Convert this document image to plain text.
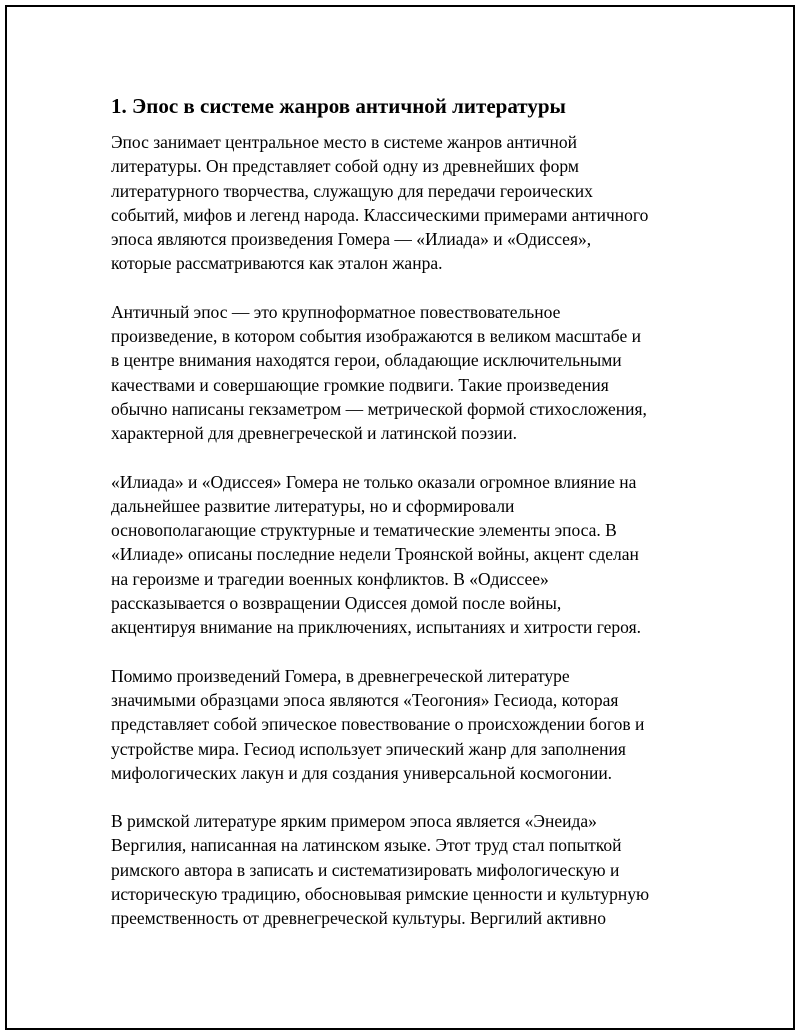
1. Эпос в системе жанров античной литературы

Эпос занимает центральное место в системе жанров античной
литературы. Он представляет собой одну из древнейших форм
литературного творчества, служащую для передачи героических
событий, мифов и легенд народа. Классическими примерами античного
эпоса являются произведения Гомера — «Илиада» и «Одиссея»,
которые рассматриваются как эталон жанра.

Античный эпос — это крупноформатное повествовательное
произведение, в котором события изображаются в великом масштабе и
в центре внимания находятся герои, обладающие исключительными
качествами и совершающие громкие подвиги. Такие произведения
обычно написаны гекзаметром — метрической формой стихосложения,
характерной для древнегреческой и латинской поэзии.

«Илиада» и «Одиссея» Гомера не только оказали огромное влияние на
дальнейшее развитие литературы, но и сформировали
основополагающие структурные и тематические элементы эпоса. В
«Илиаде» описаны последние недели Троянской войны, акцент сделан
на героизме и трагедии военных конфликтов. В «Одиссее»
рассказывается о возвращении Одиссея домой после войны,
акцентируя внимание на приключениях, испытаниях и хитрости героя.

Помимо произведений Гомера, в древнегреческой литературе
значимыми образцами эпоса являются «Теогония» Гесиода, которая
представляет собой эпическое повествование о происхождении богов и
устройстве мира. Гесиод использует эпический жанр для заполнения
мифологических лакун и для создания универсальной космогонии.

В римской литературе ярким примером эпоса является «Энеида»
Вергилия, написанная на латинском языке. Этот труд стал попыткой
римского автора в записать и систематизировать мифологическую и
историческую традицию, обосновывая римские ценности и культурную
преемственность от древнегреческой культуры. Вергилий активно
